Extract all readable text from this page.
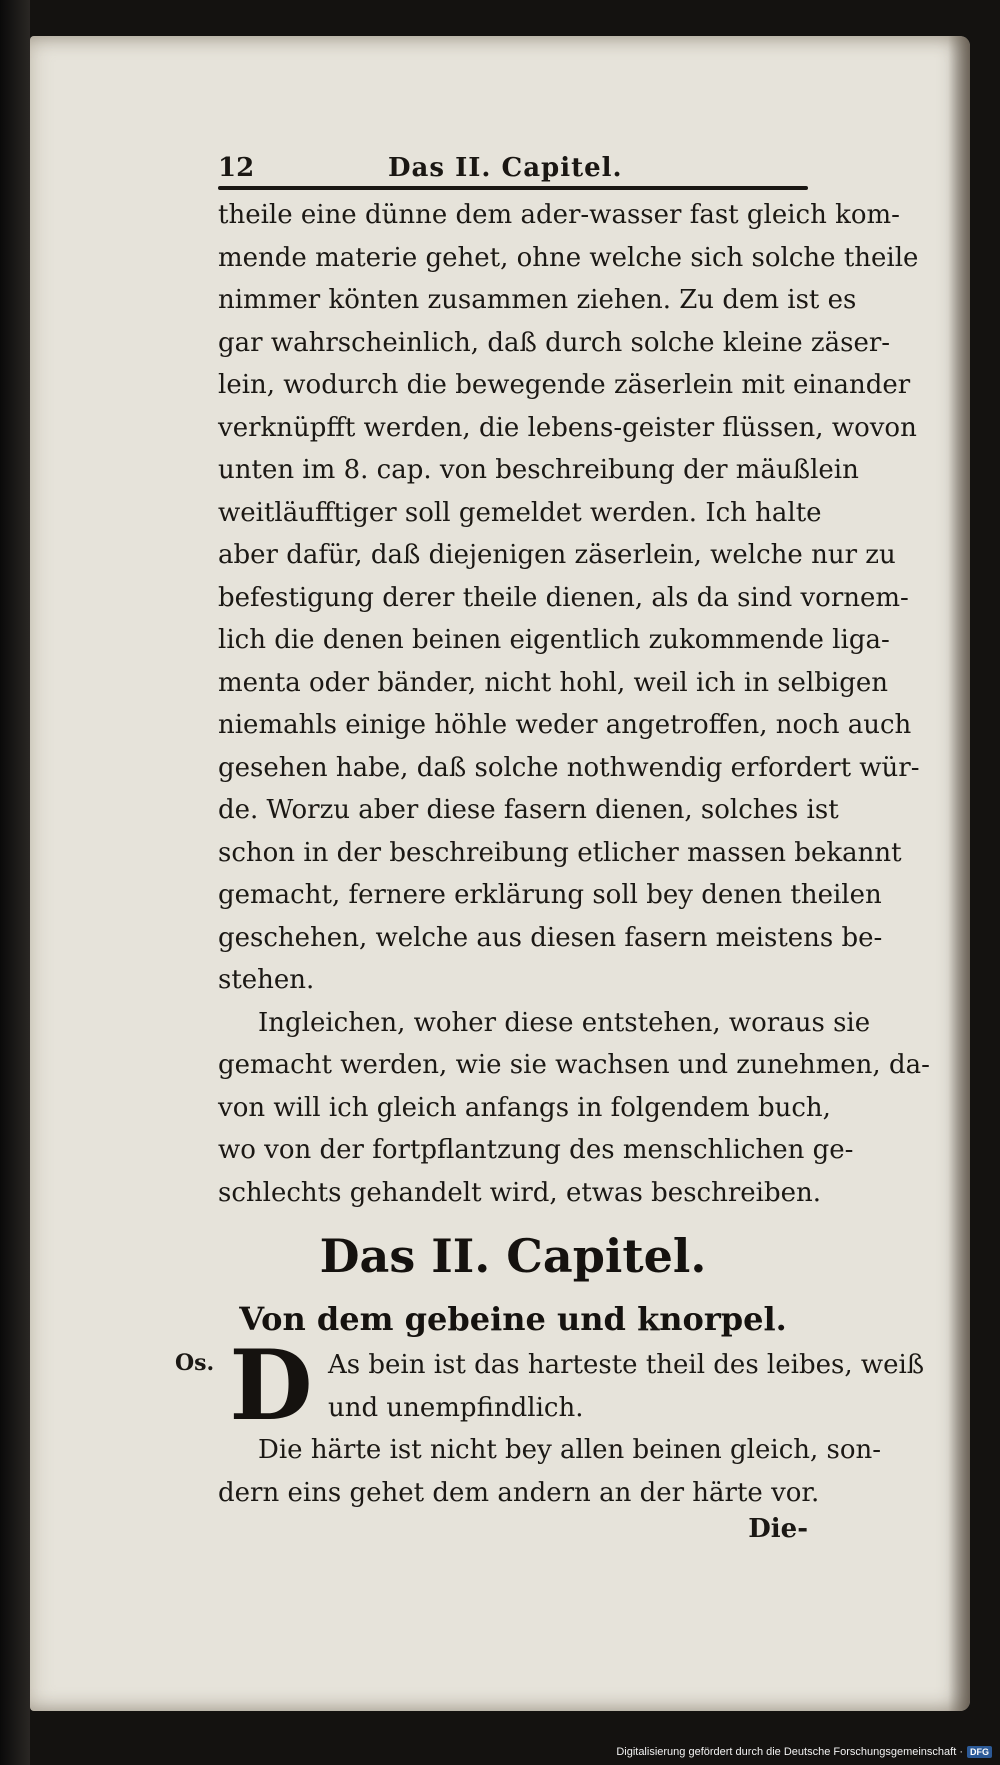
12	Das II. Capitel.
theile eine dünne dem ader-wasser fast gleich kom-
mende materie gehet, ohne welche sich solche theile
nimmer könten zusammen ziehen. Zu dem ist es
gar wahrscheinlich, daß durch solche kleine zäser-
lein, wodurch die bewegende zäserlein mit einander
verknüpfft werden, die lebens-geister flüssen, wovon
unten im 8. cap. von beschreibung der mäußlein
weitläufftiger soll gemeldet werden. Ich halte
aber dafür, daß diejenigen zäserlein, welche nur zu
befestigung derer theile dienen, als da sind vornem-
lich die denen beinen eigentlich zukommende liga-
menta oder bänder, nicht hohl, weil ich in selbigen
niemahls einige höhle weder angetroffen, noch auch
gesehen habe, daß solche nothwendig erfordert wür-
de. Worzu aber diese fasern dienen, solches ist
schon in der beschreibung etlicher massen bekannt
gemacht, fernere erklärung soll bey denen theilen
geschehen, welche aus diesen fasern meistens be-
stehen.
Ingleichen, woher diese entstehen, woraus sie
gemacht werden, wie sie wachsen und zunehmen, da-
von will ich gleich anfangs in folgendem buch,
wo von der fortpflantzung des menschlichen ge-
schlechts gehandelt wird, etwas beschreiben.
Das II. Capitel.
Von dem gebeine und knorpel.
Os. D As bein ist das harteste theil des leibes, weiß
und unempfindlich.
Die härte ist nicht bey allen beinen gleich, son-
dern eins gehet dem andern an der härte vor.
Die-
Digitalisierung gefördert durch die Deutsche Forschungsgemeinschaft · DFG
